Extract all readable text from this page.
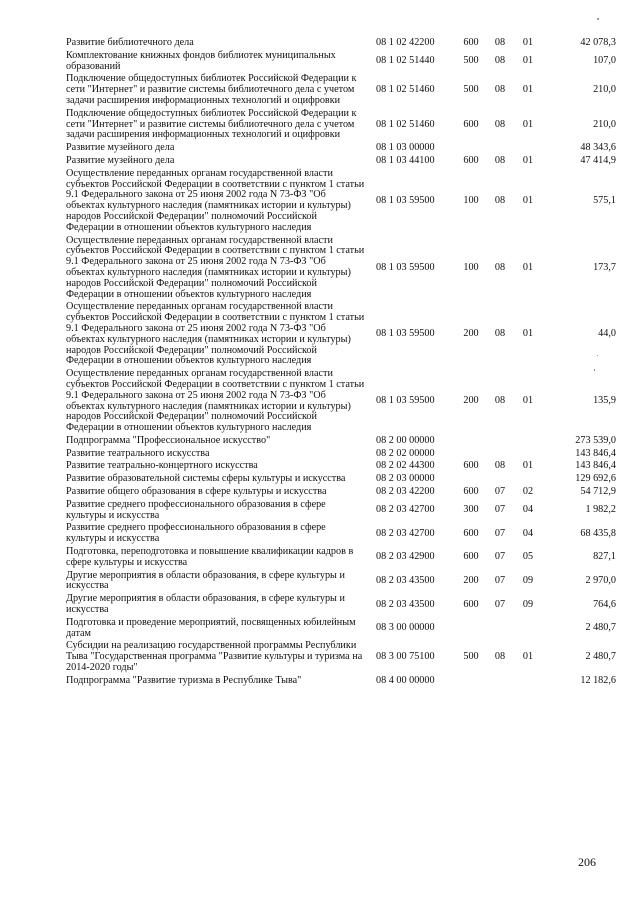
Развитие библиотечного дела	08 1 02 42200	600	08	01	42 078,3
Комплектование книжных фондов библиотек муниципальных образований	08 1 02 51440	500	08	01	107,0
Подключение общедоступных библиотек Российской Федерации к сети "Интернет" и развитие системы библиотечного дела с учетом задачи расширения информационных технологий и оцифровки	08 1 02 51460	500	08	01	210,0
Подключение общедоступных библиотек Российской Федерации к сети "Интернет" и развитие системы библиотечного дела с учетом задачи расширения информационных технологий и оцифровки	08 1 02 51460	600	08	01	210,0
Развитие музейного дела	08 1 03 00000				48 343,6
Развитие музейного дела	08 1 03 44100	600	08	01	47 414,9
Осуществление переданных органам государственной власти субъектов Российской Федерации в соответствии с пунктом 1 статьи 9.1 Федерального закона от 25 июня 2002 года N 73-ФЗ "Об объектах культурного наследия (памятниках истории и культуры) народов Российской Федерации" полномочий Российской Федерации в отношении объектов культурного наследия	08 1 03 59500	100	08	01	575,1
Осуществление переданных органам государственной власти субъектов Российской Федерации в соответствии с пунктом 1 статьи 9.1 Федерального закона от 25 июня 2002 года N 73-ФЗ "Об объектах культурного наследия (памятниках истории и культуры) народов Российской Федерации" полномочий Российской Федерации в отношении объектов культурного наследия	08 1 03 59500	100	08	01	173,7
Осуществление переданных органам государственной власти субъектов Российской Федерации в соответствии с пунктом 1 статьи 9.1 Федерального закона от 25 июня 2002 года N 73-ФЗ "Об объектах культурного наследия (памятниках истории и культуры) народов Российской Федерации" полномочий Российской Федерации в отношении объектов культурного наследия	08 1 03 59500	200	08	01	44,0
Осуществление переданных органам государственной власти субъектов Российской Федерации в соответствии с пунктом 1 статьи 9.1 Федерального закона от 25 июня 2002 года N 73-ФЗ "Об объектах культурного наследия (памятниках истории и культуры) народов Российской Федерации" полномочий Российской Федерации в отношении объектов культурного наследия	08 1 03 59500	200	08	01	135,9
Подпрограмма "Профессиональное искусство"	08 2 00 00000				273 539,0
Развитие театрального искусства	08 2 02 00000				143 846,4
Развитие театрально-концертного искусства	08 2 02 44300	600	08	01	143 846,4
Развитие образовательной системы сферы культуры и искусства	08 2 03 00000				129 692,6
Развитие общего образования в сфере культуры и искусства	08 2 03 42200	600	07	02	54 712,9
Развитие среднего профессионального образования в сфере культуры и искусства	08 2 03 42700	300	07	04	1 982,2
Развитие среднего профессионального образования в сфере культуры и искусства	08 2 03 42700	600	07	04	68 435,8
Подготовка, переподготовка и повышение квалификации кадров в сфере культуры и искусства	08 2 03 42900	600	07	05	827,1
Другие мероприятия в области образования, в сфере культуры и искусства	08 2 03 43500	200	07	09	2 970,0
Другие мероприятия в области образования, в сфере культуры и искусства	08 2 03 43500	600	07	09	764,6
Подготовка и проведение мероприятий, посвященных юбилейным датам	08 3 00 00000				2 480,7
Субсидии на реализацию государственной программы Республики Тыва "Государственная программа "Развитие культуры и туризма на 2014-2020 годы"	08 3 00 75100	500	08	01	2 480,7
Подпрограмма "Развитие туризма в Республике Тыва"	08 4 00 00000				12 182,6
206
